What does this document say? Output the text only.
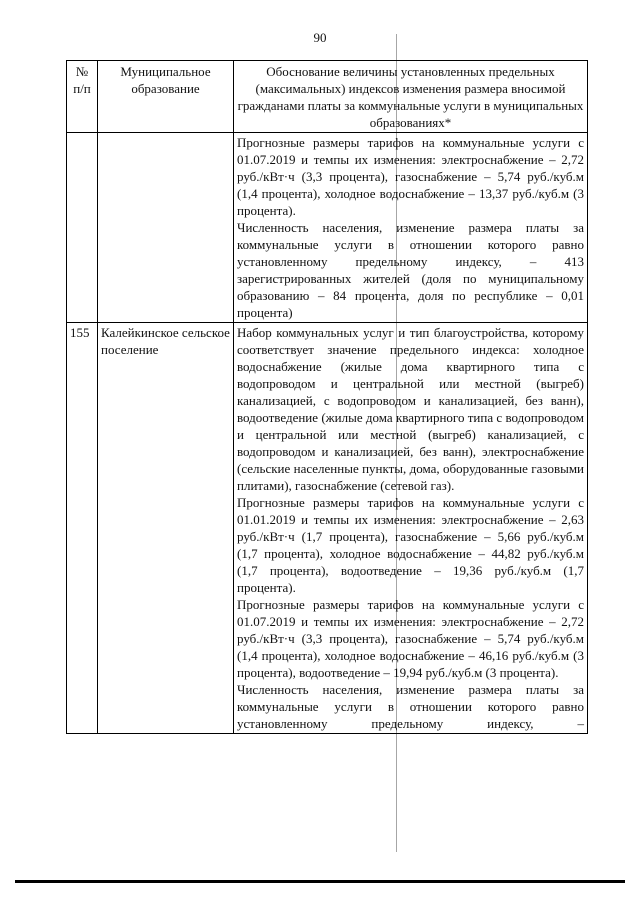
90
№ п/п	Муниципальное образование	Обоснование величины установленных предельных (максимальных) индексов изменения размера вносимой гражданами платы за коммунальные услуги в муниципальных образованиях*

		Прогнозные размеры тарифов на коммунальные услуги с 01.07.2019 и темпы их изменения: электроснабжение – 2,72 руб./кВт·ч (3,3 процента), газоснабжение – 5,74 руб./куб.м (1,4 процента), холодное водоснабжение – 13,37 руб./куб.м (3 процента).
Численность населения, изменение размера платы за коммунальные услуги в отношении которого равно установленному предельному индексу, – 413 зарегистрированных жителей (доля по муниципальному образованию – 84 процента, доля по республике – 0,01 процента)

155	Калейкинское сельское поселение	Набор коммунальных услуг и тип благоустройства, которому соответствует значение предельного индекса: холодное водоснабжение (жилые дома квартирного типа с водопроводом и центральной или местной (выгреб) канализацией, с водопроводом и канализацией, без ванн), водоотведение (жилые дома квартирного типа с водопроводом и центральной или местной (выгреб) канализацией, с водопроводом и канализацией, без ванн), электроснабжение (сельские населенные пункты, дома, оборудованные газовыми плитами), газоснабжение (сетевой газ).
Прогнозные размеры тарифов на коммунальные услуги с 01.01.2019 и темпы их изменения: электроснабжение – 2,63 руб./кВт·ч (1,7 процента), газоснабжение – 5,66 руб./куб.м (1,7 процента), холодное водоснабжение – 44,82 руб./куб.м (1,7 процента), водоотведение – 19,36 руб./куб.м (1,7 процента).
Прогнозные размеры тарифов на коммунальные услуги с 01.07.2019 и темпы их изменения: электроснабжение – 2,72 руб./кВт·ч (3,3 процента), газоснабжение – 5,74 руб./куб.м (1,4 процента), холодное водоснабжение – 46,16 руб./куб.м (3 процента), водоотведение – 19,94 руб./куб.м (3 процента).
Численность населения, изменение размера платы за коммунальные услуги в отношении которого равно установленному предельному индексу, –
